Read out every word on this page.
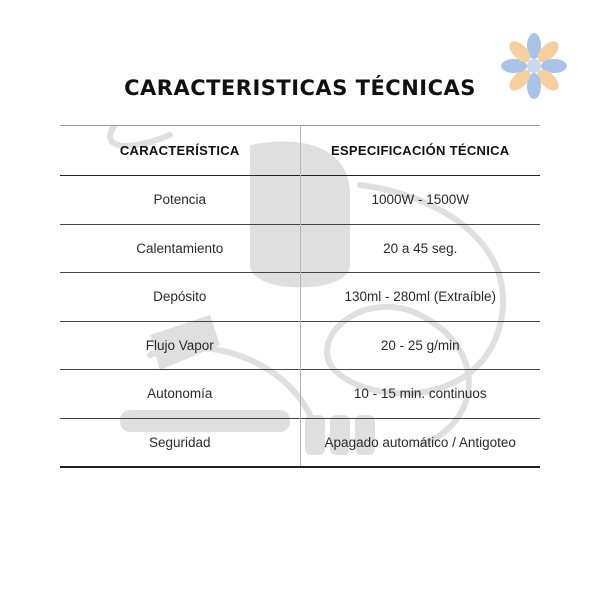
CARACTERISTICAS TÉCNICAS
CARACTERÍSTICA	ESPECIFICACIÓN TÉCNICA
Potencia	1000W - 1500W
Calentamiento	20 a 45 seg.
Depósito	130ml - 280ml (Extraíble)
Flujo Vapor	20 - 25 g/min
Autonomía	10 - 15 min. continuos
Seguridad	Apagado automático / Antigoteo
